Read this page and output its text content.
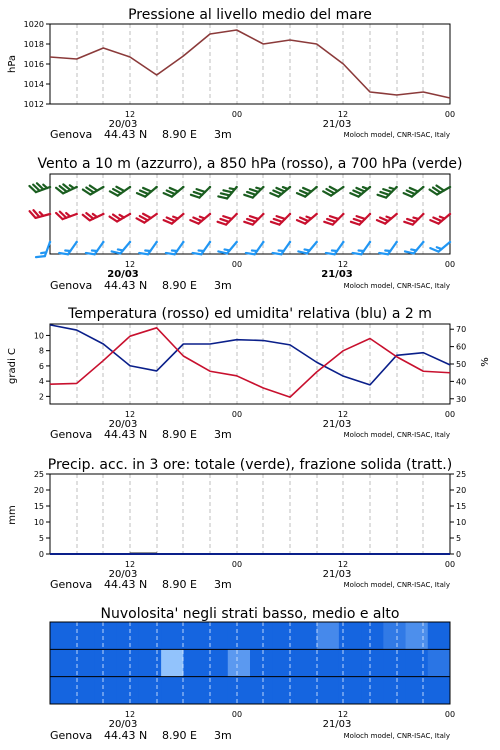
Pressione al livello medio del mare
hPa
1012
1014
1016
1018
1020
12	00	12	00
20/03	21/03
Genova 44.43 N 8.90 E 3m	Moloch model, CNR-ISAC, Italy
Vento a 10 m (azzurro), a 850 hPa (rosso), a 700 hPa (verde)
12	00	12	00
20/03	21/03
Genova 44.43 N 8.90 E 3m	Moloch model, CNR-ISAC, Italy
Temperatura (rosso) ed umidita' relativa (blu) a 2 m
gradi C	%
2
4
6
8
10
30
40
50
60
70
12	00	12	00
20/03	21/03
Genova 44.43 N 8.90 E 3m	Moloch model, CNR-ISAC, Italy
Precip. acc. in 3 ore: totale (verde), frazione solida (tratt.)
mm
0
5
10
15
20
25
0
5
10
15
20
25
12	00	12	00
20/03	21/03
Genova 44.43 N 8.90 E 3m	Moloch model, CNR-ISAC, Italy
Nuvolosita' negli strati basso, medio e alto
12	00	12	00
20/03	21/03
Genova 44.43 N 8.90 E 3m	Moloch model, CNR-ISAC, Italy
